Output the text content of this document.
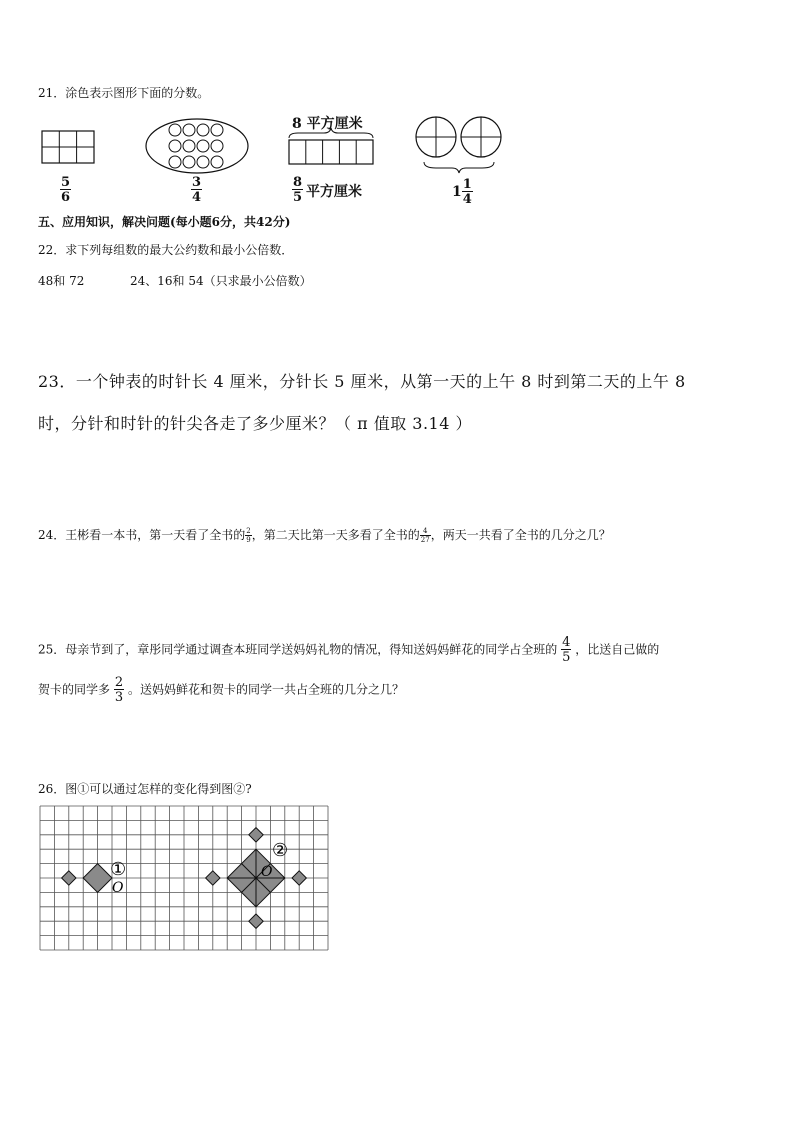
21．涂色表示图形下面的分数。
$\frac{5}{6}$	$\frac{3}{4}$
8 平方厘米
$\frac{8}{5}$ 平方厘米	$1 \frac{1}{4}$
五、应用知识，解决问题(每小题6分，共42分)
22．求下列每组数的最大公约数和最小公倍数．
48和 72	24、16和 54（只求最小公倍数）
23．一个钟表的时针长 4 厘米，分针长 5 厘米，从第一天的上午 8 时到第二天的上午 8
时，分针和时针的针尖各走了多少厘米？（ π 值取 3.14 ）
24．王彬看一本书，第一天看了全书的 $\frac{2}{9}$ ，第二天比第一天多看了全书的 $\frac{4}{27}$ ，两天一共看了全书的几分之几？
25．母亲节到了，章彤同学通过调查本班同学送妈妈礼物的情况，得知送妈妈鲜花的同学占全班的 $\frac{4}{5}$ ，比送自己做的
贺卡的同学多 $\frac{2}{3}$ 。送妈妈鲜花和贺卡的同学一共占全班的几分之几？
26．图①可以通过怎样的变化得到图②?
①
O
②
O
